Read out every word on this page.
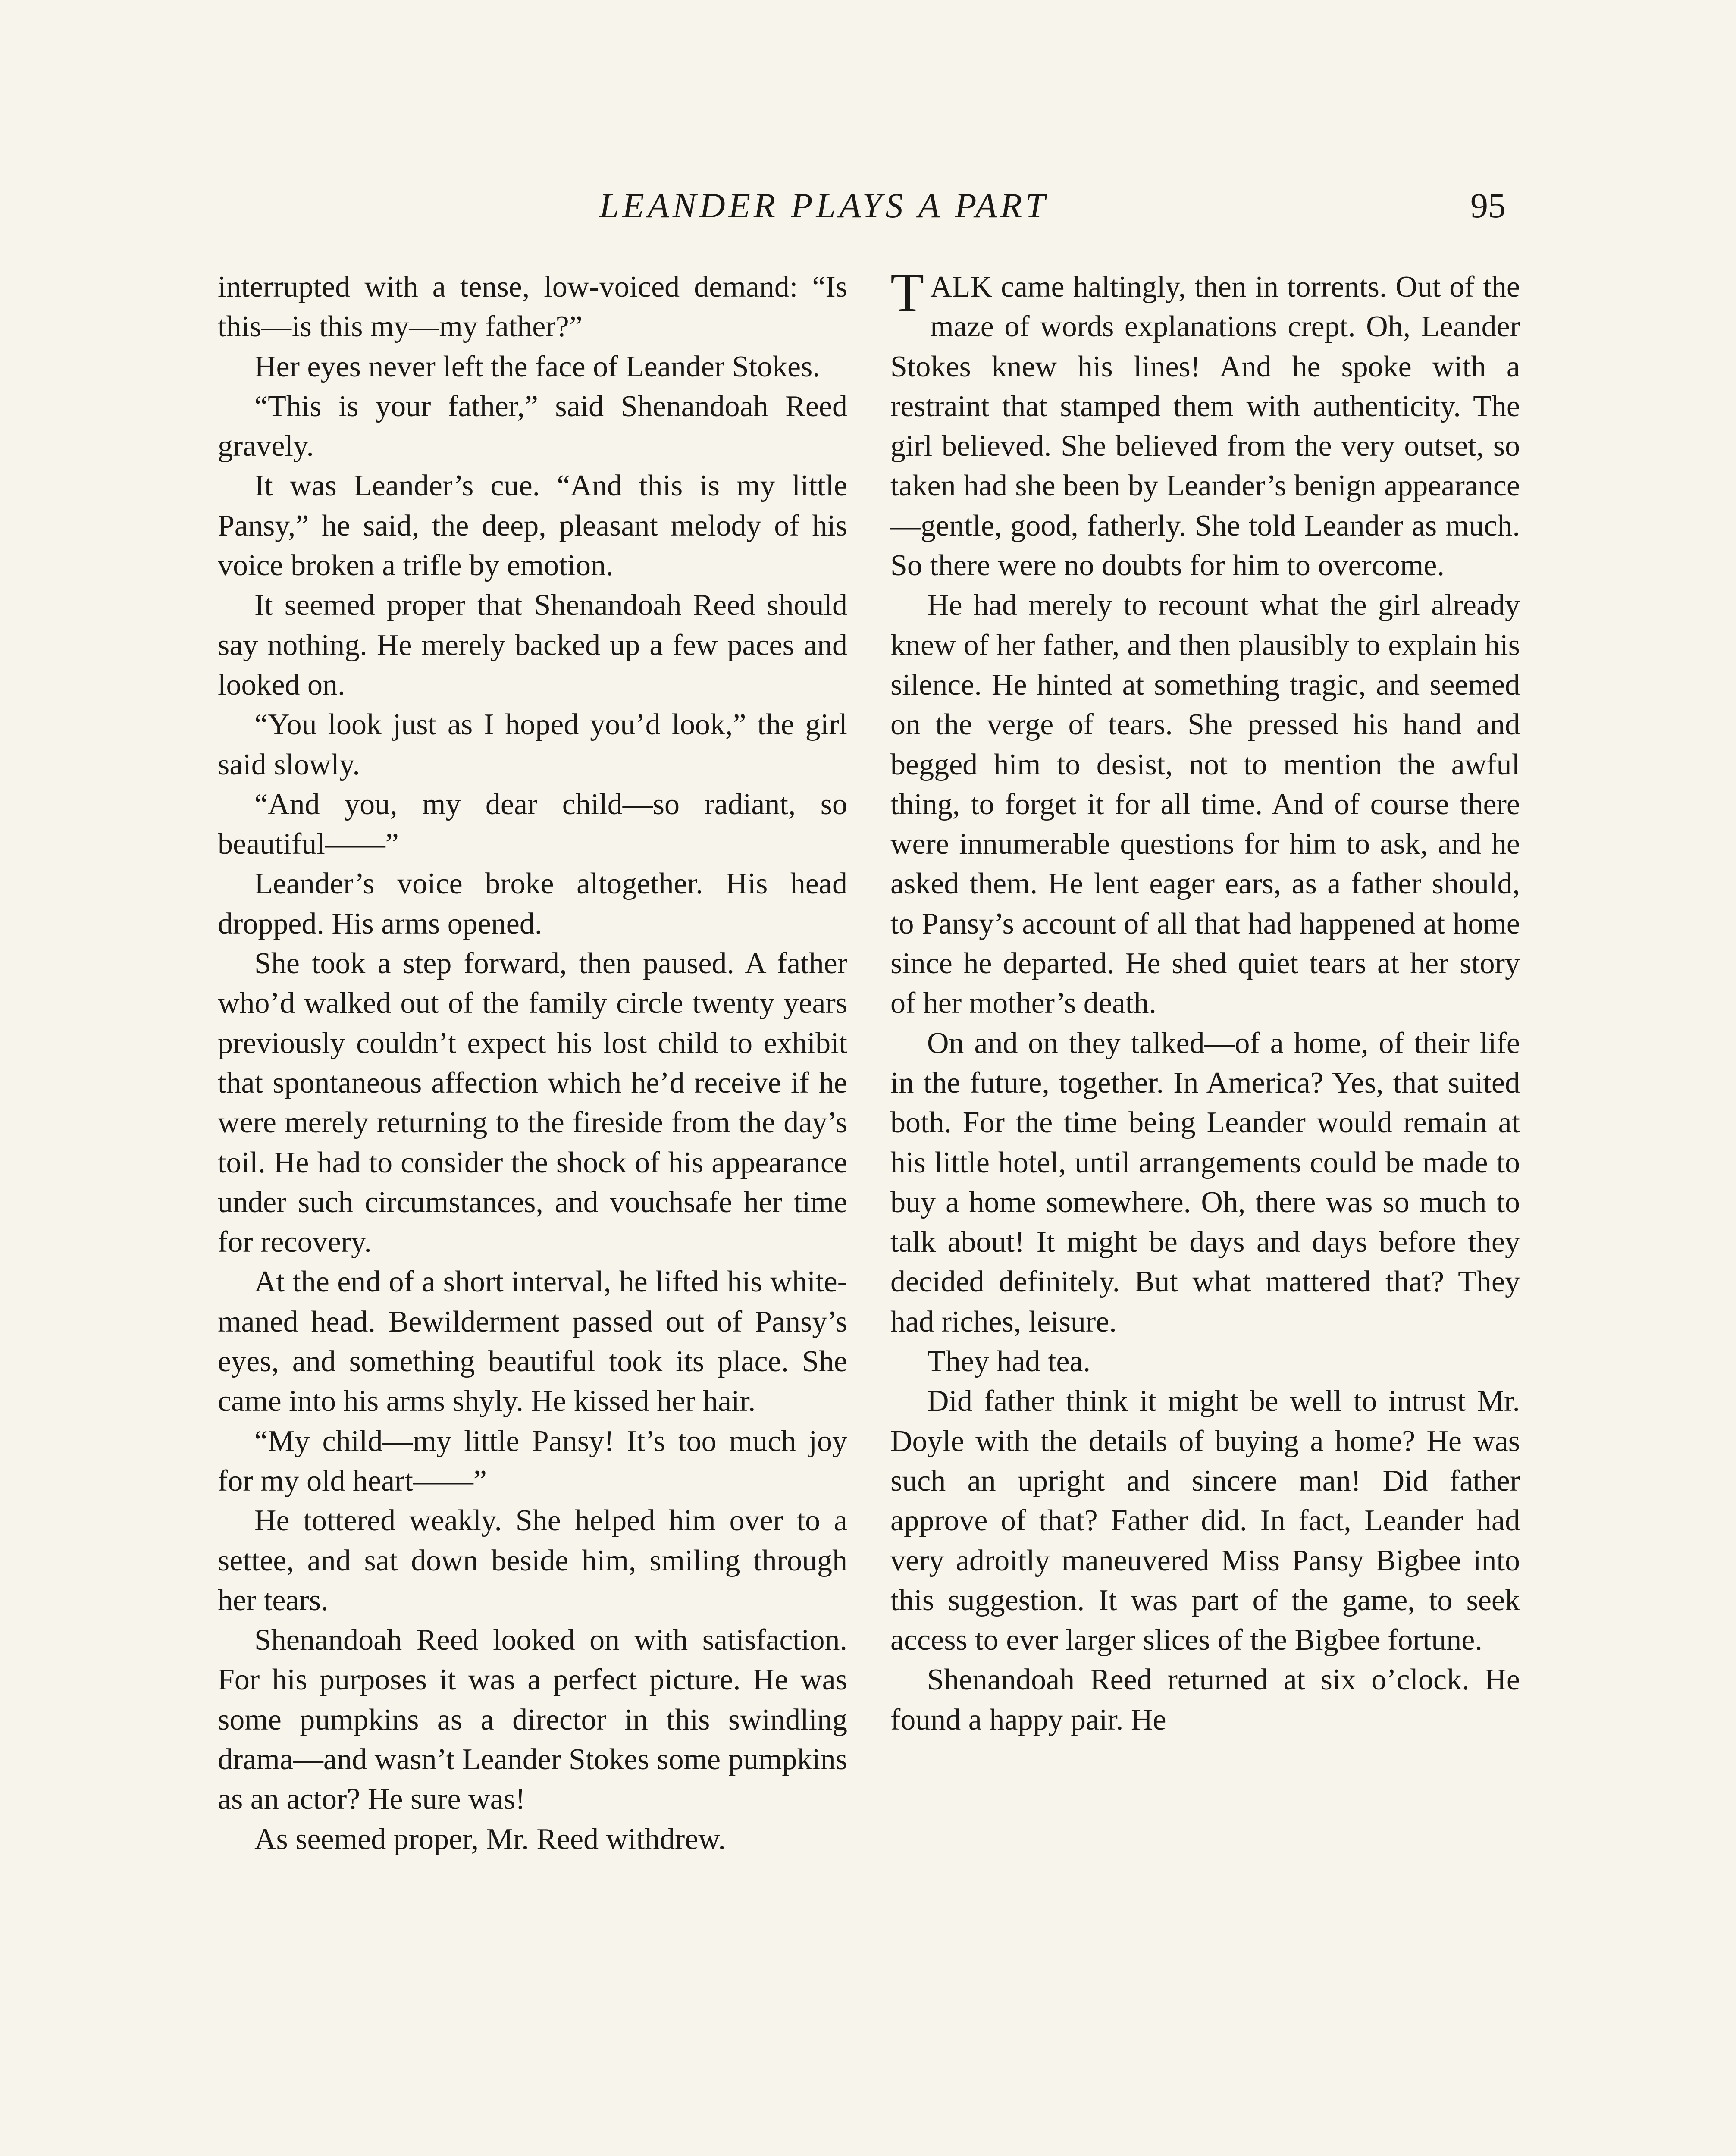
LEANDER PLAYS A PART	95

interrupted with a tense, low-voiced demand: “Is this—is this my—my father?”

Her eyes never left the face of Leander Stokes.

“This is your father,” said Shenandoah Reed gravely.

It was Leander’s cue. “And this is my little Pansy,” he said, the deep, pleasant melody of his voice broken a trifle by emotion.

It seemed proper that Shenandoah Reed should say nothing. He merely backed up a few paces and looked on.

“You look just as I hoped you’d look,” the girl said slowly.

“And you, my dear child—so radiant, so beautiful——”

Leander’s voice broke altogether. His head dropped. His arms opened.

She took a step forward, then paused. A father who’d walked out of the family circle twenty years previously couldn’t expect his lost child to exhibit that spontaneous affection which he’d receive if he were merely returning to the fireside from the day’s toil. He had to consider the shock of his appearance under such circumstances, and vouchsafe her time for recovery.

At the end of a short interval, he lifted his white-maned head. Bewilderment passed out of Pansy’s eyes, and something beautiful took its place. She came into his arms shyly. He kissed her hair.

“My child—my little Pansy! It’s too much joy for my old heart——”

He tottered weakly. She helped him over to a settee, and sat down beside him, smiling through her tears.

Shenandoah Reed looked on with satisfaction. For his purposes it was a perfect picture. He was some pumpkins as a director in this swindling drama—and wasn’t Leander Stokes some pumpkins as an actor? He sure was!

As seemed proper, Mr. Reed withdrew.

TALK came haltingly, then in torrents. Out of the maze of words explanations crept. Oh, Leander Stokes knew his lines! And he spoke with a restraint that stamped them with authenticity. The girl believed. She believed from the very outset, so taken had she been by Leander’s benign appearance—gentle, good, fatherly. She told Leander as much. So there were no doubts for him to overcome.

He had merely to recount what the girl already knew of her father, and then plausibly to explain his silence. He hinted at something tragic, and seemed on the verge of tears. She pressed his hand and begged him to desist, not to mention the awful thing, to forget it for all time. And of course there were innumerable questions for him to ask, and he asked them. He lent eager ears, as a father should, to Pansy’s account of all that had happened at home since he departed. He shed quiet tears at her story of her mother’s death.

On and on they talked—of a home, of their life in the future, together. In America? Yes, that suited both. For the time being Leander would remain at his little hotel, until arrangements could be made to buy a home somewhere. Oh, there was so much to talk about! It might be days and days before they decided definitely. But what mattered that? They had riches, leisure.

They had tea.

Did father think it might be well to intrust Mr. Doyle with the details of buying a home? He was such an upright and sincere man! Did father approve of that? Father did. In fact, Leander had very adroitly maneuvered Miss Pansy Bigbee into this suggestion. It was part of the game, to seek access to ever larger slices of the Bigbee fortune.

Shenandoah Reed returned at six o’clock. He found a happy pair. He
